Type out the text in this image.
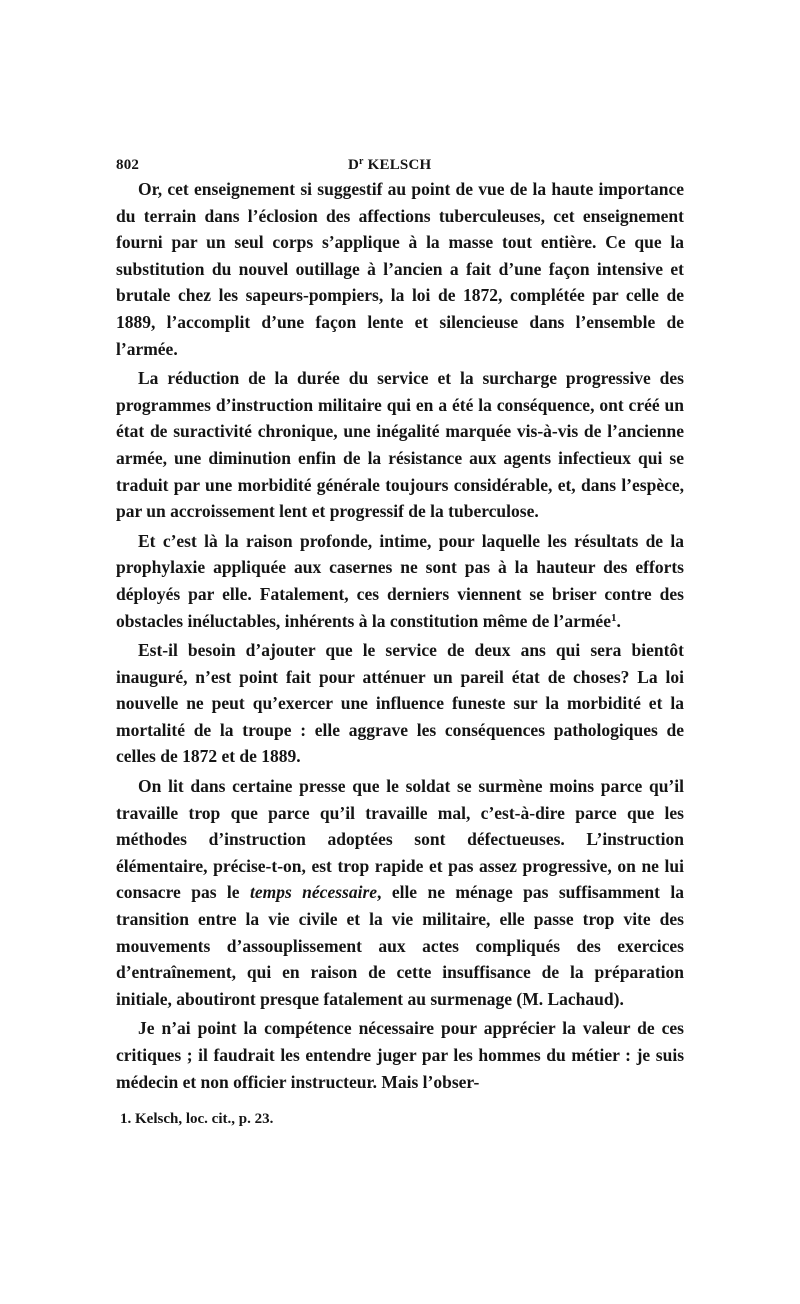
802	$D^r$ KELSCH

Or, cet enseignement si suggestif au point de vue de la haute importance du terrain dans l’éclosion des affections tuberculeuses, cet enseignement fourni par un seul corps s’applique à la masse tout entière. Ce que la substitution du nouvel outillage à l’ancien a fait d’une façon intensive et brutale chez les sapeurs-pompiers, la loi de 1872, complétée par celle de 1889, l’accomplit d’une façon lente et silencieuse dans l’ensemble de l’armée.

La réduction de la durée du service et la surcharge progressive des programmes d’instruction militaire qui en a été la conséquence, ont créé un état de suractivité chronique, une inégalité marquée vis-à-vis de l’ancienne armée, une diminution enfin de la résistance aux agents infectieux qui se traduit par une morbidité générale toujours considérable, et, dans l’espèce, par un accroissement lent et progressif de la tuberculose.

Et c’est là la raison profonde, intime, pour laquelle les résultats de la prophylaxie appliquée aux casernes ne sont pas à la hauteur des efforts déployés par elle. Fatalement, ces derniers viennent se briser contre des obstacles inéluctables, inhérents à la constitution même de l’armée$^1$.

Est-il besoin d’ajouter que le service de deux ans qui sera bientôt inauguré, n’est point fait pour atténuer un pareil état de choses? La loi nouvelle ne peut qu’exercer une influence funeste sur la morbidité et la mortalité de la troupe : elle aggrave les conséquences pathologiques de celles de 1872 et de 1889.

On lit dans certaine presse que le soldat se surmène moins parce qu’il travaille trop que parce qu’il travaille mal, c’est-à-dire parce que les méthodes d’instruction adoptées sont défectueuses. L’instruction élémentaire, précise-t-on, est trop rapide et pas assez progressive, on ne lui consacre pas le temps nécessaire, elle ne ménage pas suffisamment la transition entre la vie civile et la vie militaire, elle passe trop vite des mouvements d’assouplissement aux actes compliqués des exercices d’entraînement, qui en raison de cette insuffisance de la préparation initiale, aboutiront presque fatalement au surmenage (M. Lachaud).

Je n’ai point la compétence nécessaire pour apprécier la valeur de ces critiques ; il faudrait les entendre juger par les hommes du métier : je suis médecin et non officier instructeur. Mais l’obser-

1. Kelsch, loc. cit., p. 23.
